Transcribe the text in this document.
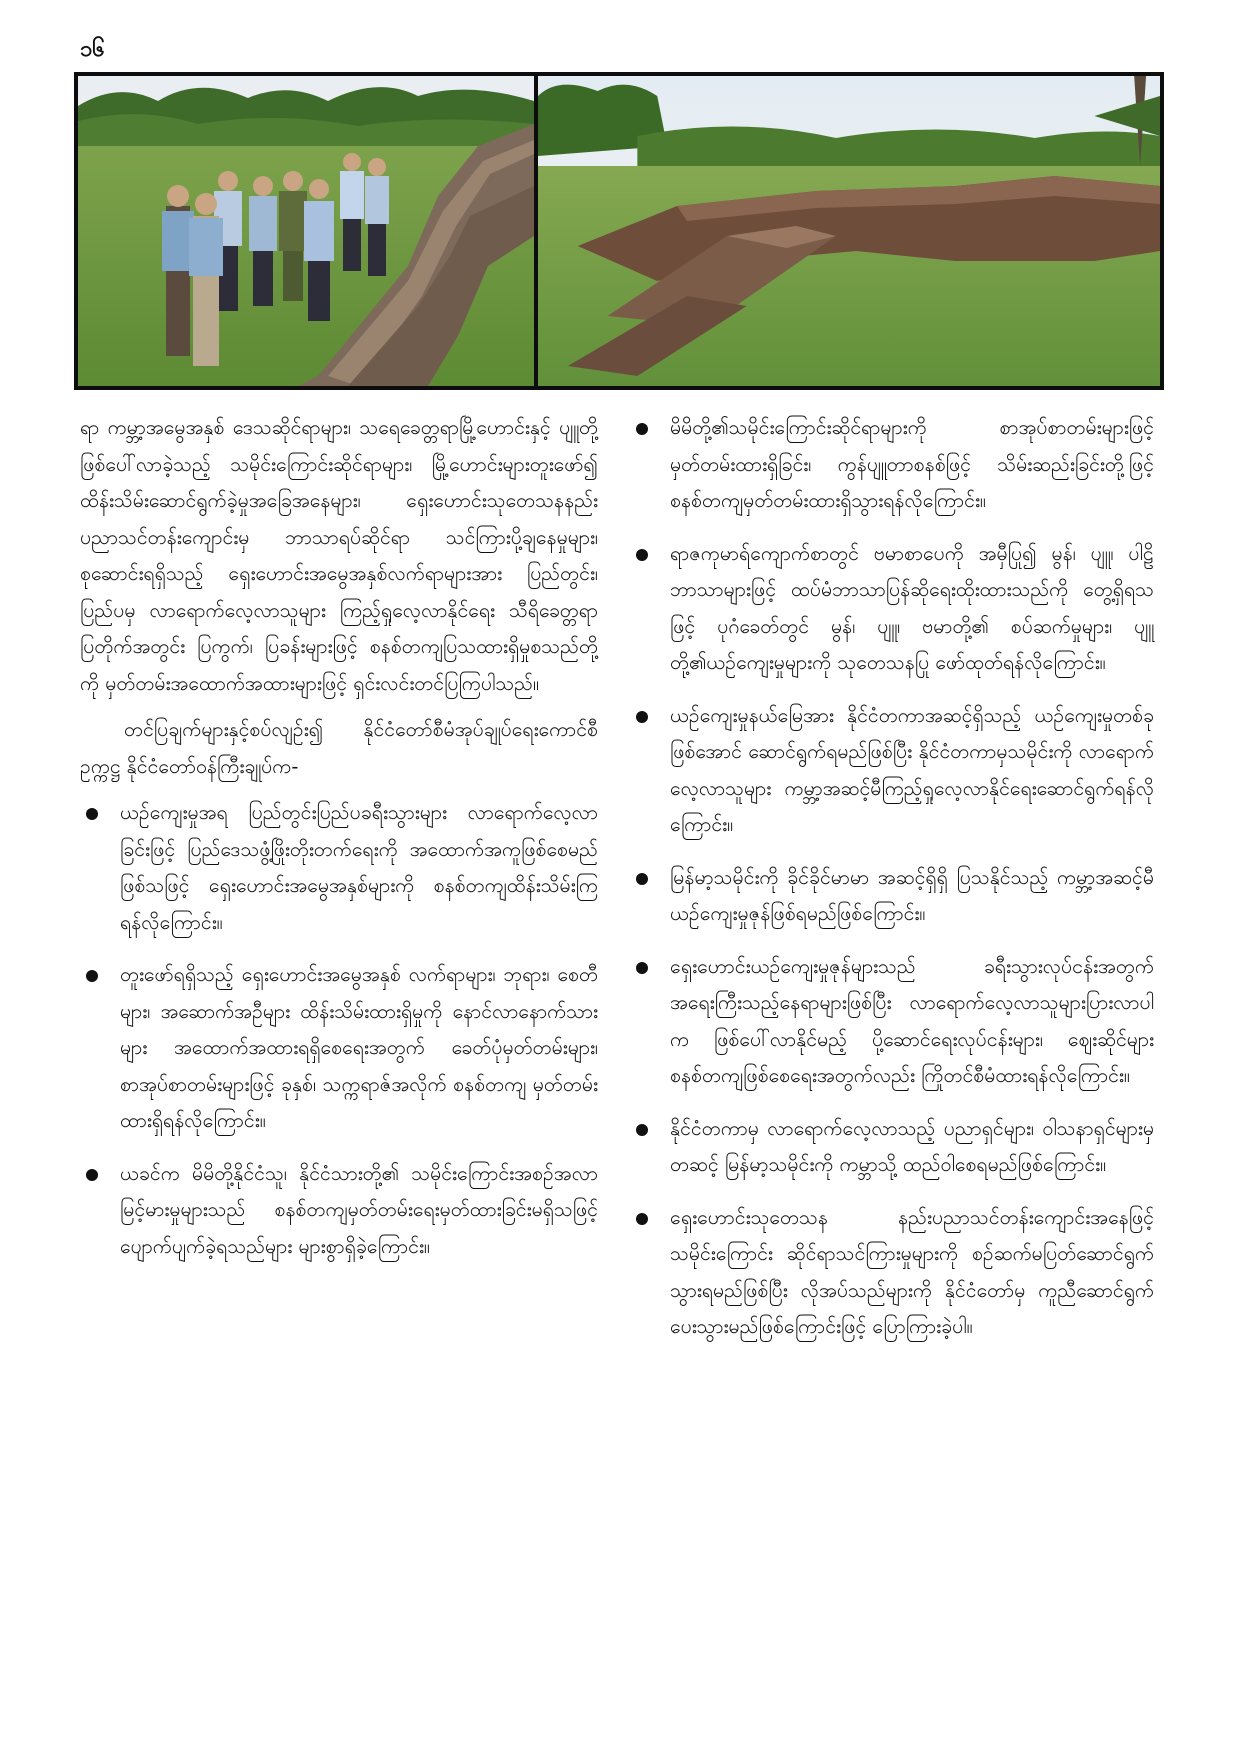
၁၆

ရာ ကမ္ဘာ့အမွေအနှစ် ဒေသဆိုင်ရာများ၊ သရေခေတ္တရာမြို့ဟောင်းနှင့် ပျူတို့ဖြစ်ပေါ်လာခဲ့သည့် သမိုင်းကြောင်းဆိုင်ရာများ၊ မြို့ဟောင်းများတူးဖော်၍ ထိန်းသိမ်းဆောင်ရွက်ခဲ့မှုအခြေအနေများ၊ ရှေးဟောင်းသုတေသနနည်းပညာသင်တန်းကျောင်းမှ ဘာသာရပ်ဆိုင်ရာ သင်ကြားပို့ချနေမှုများ၊ စုဆောင်းရရှိသည့် ရှေးဟောင်းအမွေအနှစ်လက်ရာများအား ပြည်တွင်း၊ ပြည်ပမှ လာရောက်လေ့လာသူများ ကြည့်ရှုလေ့လာနိုင်ရေး သီရိခေတ္တရာ ပြတိုက်အတွင်း ပြကွက်၊ ပြခန်းများဖြင့် စနစ်တကျပြသထားရှိမှုစသည်တို့ကို မှတ်တမ်းအထောက်အထားများဖြင့် ရှင်းလင်းတင်ပြကြပါသည်။

တင်ပြချက်များနှင့်စပ်လျဉ်း၍ နိုင်ငံတော်စီမံအုပ်ချုပ်ရေးကောင်စီဥက္ကဋ္ဌ နိုင်ငံတော်ဝန်ကြီးချုပ်က-

ယဉ်ကျေးမှုအရ ပြည်တွင်းပြည်ပခရီးသွားများ လာရောက်လေ့လာခြင်းဖြင့် ပြည်ဒေသဖွံ့ဖြိုးတိုးတက်ရေးကို အထောက်အကူဖြစ်စေမည်ဖြစ်သဖြင့် ရှေးဟောင်းအမွေအနှစ်များကို စနစ်တကျထိန်းသိမ်းကြရန်လိုကြောင်း။
တူးဖော်ရရှိသည့် ရှေးဟောင်းအမွေအနှစ် လက်ရာများ၊ ဘုရား၊ စေတီများ၊ အဆောက်အဦများ ထိန်းသိမ်းထားရှိမှုကို နောင်လာနောက်သားများ အထောက်အထားရရှိစေရေးအတွက် ခေတ်ပုံမှတ်တမ်းများ၊ စာအုပ်စာတမ်းများဖြင့် ခုနှစ်၊ သက္ကရာဇ်အလိုက် စနစ်တကျ မှတ်တမ်းထားရှိရန်လိုကြောင်း။
ယခင်က မိမိတို့နိုင်ငံသူ၊ နိုင်ငံသားတို့၏ သမိုင်းကြောင်းအစဉ်အလာ မြင့်မားမှုများသည် စနစ်တကျမှတ်တမ်းရေးမှတ်ထားခြင်းမရှိသဖြင့် ပျောက်ပျက်ခဲ့ရသည်များ များစွာရှိခဲ့ကြောင်း။
မိမိတို့၏သမိုင်းကြောင်းဆိုင်ရာများကို စာအုပ်စာတမ်းများဖြင့် မှတ်တမ်းထားရှိခြင်း၊ ကွန်ပျူတာစနစ်ဖြင့် သိမ်းဆည်းခြင်းတို့ဖြင့် စနစ်တကျမှတ်တမ်းထားရှိသွားရန်လိုကြောင်း။
ရာဇကုမာရ်ကျောက်စာတွင် ဗမာစာပေကို အမှီပြု၍ မွန်၊ ပျူ၊ ပါဠိ ဘာသာများဖြင့် ထပ်မံဘာသာပြန်ဆိုရေးထိုးထားသည်ကို တွေ့ရှိရသဖြင့် ပုဂံခေတ်တွင် မွန်၊ ပျူ၊ ဗမာတို့၏ စပ်ဆက်မှုများ၊ ပျူတို့၏ယဉ်ကျေးမှုများကို သုတေသနပြု ဖော်ထုတ်ရန်လိုကြောင်း။
ယဉ်ကျေးမှုနယ်မြေအား နိုင်ငံတကာအဆင့်ရှိသည့် ယဉ်ကျေးမှုတစ်ခုဖြစ်အောင် ဆောင်ရွက်ရမည်ဖြစ်ပြီး နိုင်ငံတကာမှသမိုင်းကို လာရောက်လေ့လာသူများ ကမ္ဘာ့အဆင့်မီကြည့်ရှုလေ့လာနိုင်ရေးဆောင်ရွက်ရန်လိုကြောင်း။
မြန်မာ့သမိုင်းကို ခိုင်ခိုင်မာမာ အဆင့်ရှိရှိ ပြသနိုင်သည့် ကမ္ဘာ့အဆင့်မီ ယဉ်ကျေးမှုဇုန်ဖြစ်ရမည်ဖြစ်ကြောင်း။
ရှေးဟောင်းယဉ်ကျေးမှုဇုန်များသည် ခရီးသွားလုပ်ငန်းအတွက် အရေးကြီးသည့်နေရာများဖြစ်ပြီး လာရောက်လေ့လာသူများပြားလာပါက ဖြစ်ပေါ်လာနိုင်မည့် ပို့ဆောင်ရေးလုပ်ငန်းများ၊ ဈေးဆိုင်များ စနစ်တကျဖြစ်စေရေးအတွက်လည်း ကြိုတင်စီမံထားရန်လိုကြောင်း။
နိုင်ငံတကာမှ လာရောက်လေ့လာသည့် ပညာရှင်များ၊ ဝါသနာရှင်များမှတဆင့် မြန်မာ့သမိုင်းကို ကမ္ဘာသို့ ထည်ဝါစေရမည်ဖြစ်ကြောင်း။
ရှေးဟောင်းသုတေသန နည်းပညာသင်တန်းကျောင်းအနေဖြင့် သမိုင်းကြောင်း ဆိုင်ရာသင်ကြားမှုများကို စဉ်ဆက်မပြတ်ဆောင်ရွက်သွားရမည်ဖြစ်ပြီး လိုအပ်သည်များကို နိုင်ငံတော်မှ ကူညီဆောင်ရွက်ပေးသွားမည်ဖြစ်ကြောင်းဖြင့် ပြောကြားခဲ့ပါ။
